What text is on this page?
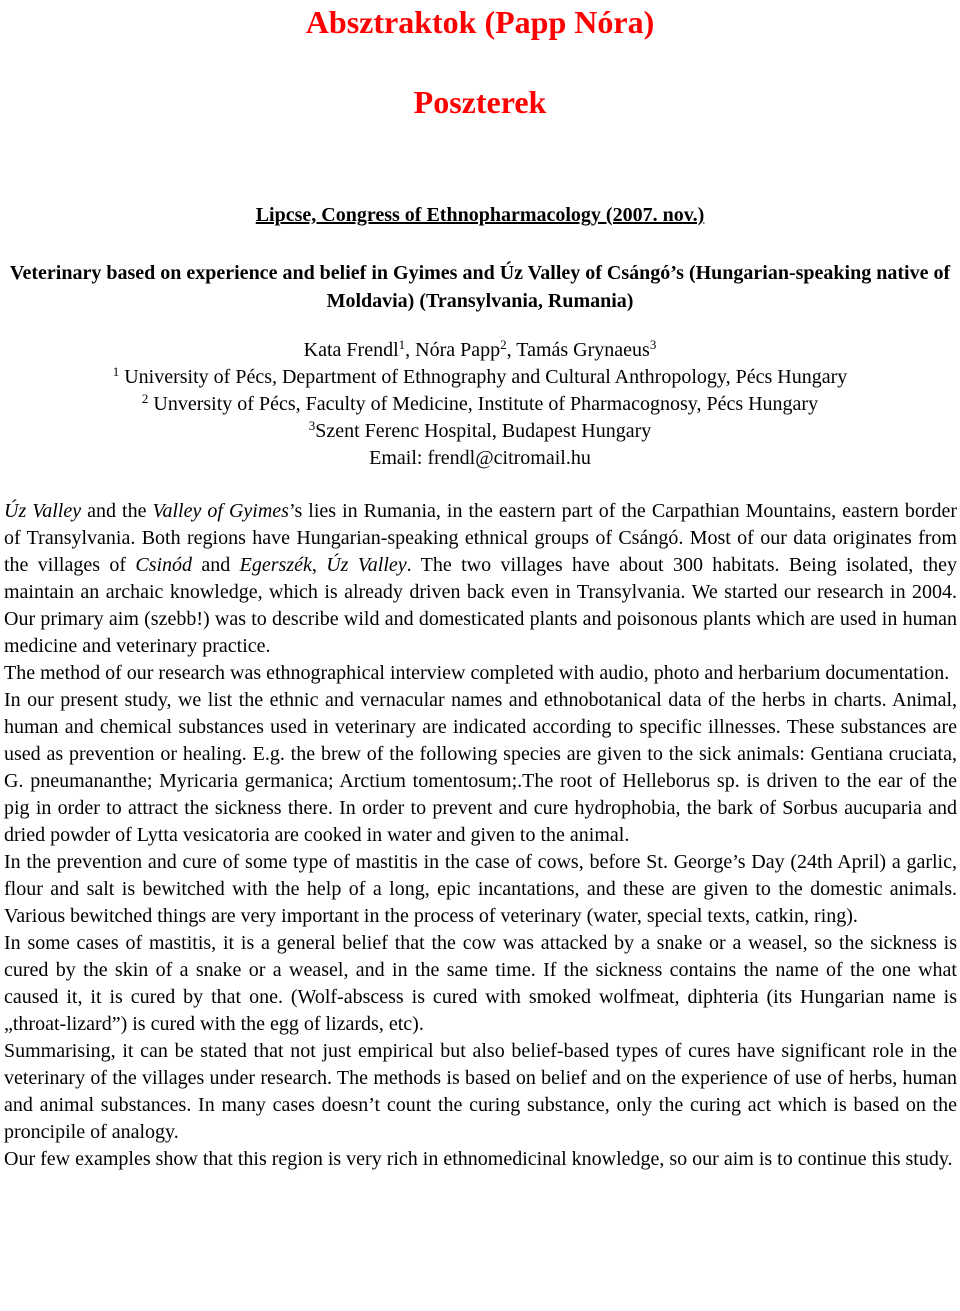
Absztraktok (Papp Nóra)
Poszterek
Lipcse, Congress of Ethnopharmacology (2007. nov.)
Veterinary based on experience and belief in Gyimes and Úz Valley of Csángó’s (Hungarian-speaking native of Moldavia) (Transylvania, Rumania)
Kata Frendl$^1$, Nóra Papp$^2$, Tamás Grynaeus$^3$
$^1$ University of Pécs, Department of Ethnography and Cultural Anthropology, Pécs Hungary
$^2$ Unversity of Pécs, Faculty of Medicine, Institute of Pharmacognosy, Pécs Hungary
$^3$Szent Ferenc Hospital, Budapest Hungary
Email: frendl@citromail.hu

Úz Valley and the Valley of Gyimes’s lies in Rumania, in the eastern part of the Carpathian Mountains, eastern border of Transylvania. Both regions have Hungarian-speaking ethnical groups of Csángó. Most of our data originates from the villages of Csinód and Egerszék, Úz Valley. The two villages have about 300 habitats. Being isolated, they maintain an archaic knowledge, which is already driven back even in Transylvania. We started our research in 2004. Our primary aim (szebb!) was to describe wild and domesticated plants and poisonous plants which are used in human medicine and veterinary practice.

The method of our research was ethnographical interview completed with audio, photo and herbarium documentation.

In our present study, we list the ethnic and vernacular names and ethnobotanical data of the herbs in charts. Animal, human and chemical substances used in veterinary are indicated according to specific illnesses. These substances are used as prevention or healing. E.g. the brew of the following species are given to the sick animals: Gentiana cruciata, G. pneumananthe; Myricaria germanica; Arctium tomentosum;.The root of Helleborus sp. is driven to the ear of the pig in order to attract the sickness there. In order to prevent and cure hydrophobia, the bark of Sorbus aucuparia and dried powder of Lytta vesicatoria are cooked in water and given to the animal.

In the prevention and cure of some type of mastitis in the case of cows, before St. George’s Day (24th April) a garlic, flour and salt is bewitched with the help of a long, epic incantations, and these are given to the domestic animals. Various bewitched things are very important in the process of veterinary (water, special texts, catkin, ring).

In some cases of mastitis, it is a general belief that the cow was attacked by a snake or a weasel, so the sickness is cured by the skin of a snake or a weasel, and in the same time. If the sickness contains the name of the one what caused it, it is cured by that one. (Wolf-abscess is cured with smoked wolfmeat, diphteria (its Hungarian name is „throat-lizard”) is cured with the egg of lizards, etc).

Summarising, it can be stated that not just empirical but also belief-based types of cures have significant role in the veterinary of the villages under research. The methods is based on belief and on the experience of use of herbs, human and animal substances. In many cases doesn’t count the curing substance, only the curing act which is based on the proncipile of analogy.

Our few examples show that this region is very rich in ethnomedicinal knowledge, so our aim is to continue this study.
